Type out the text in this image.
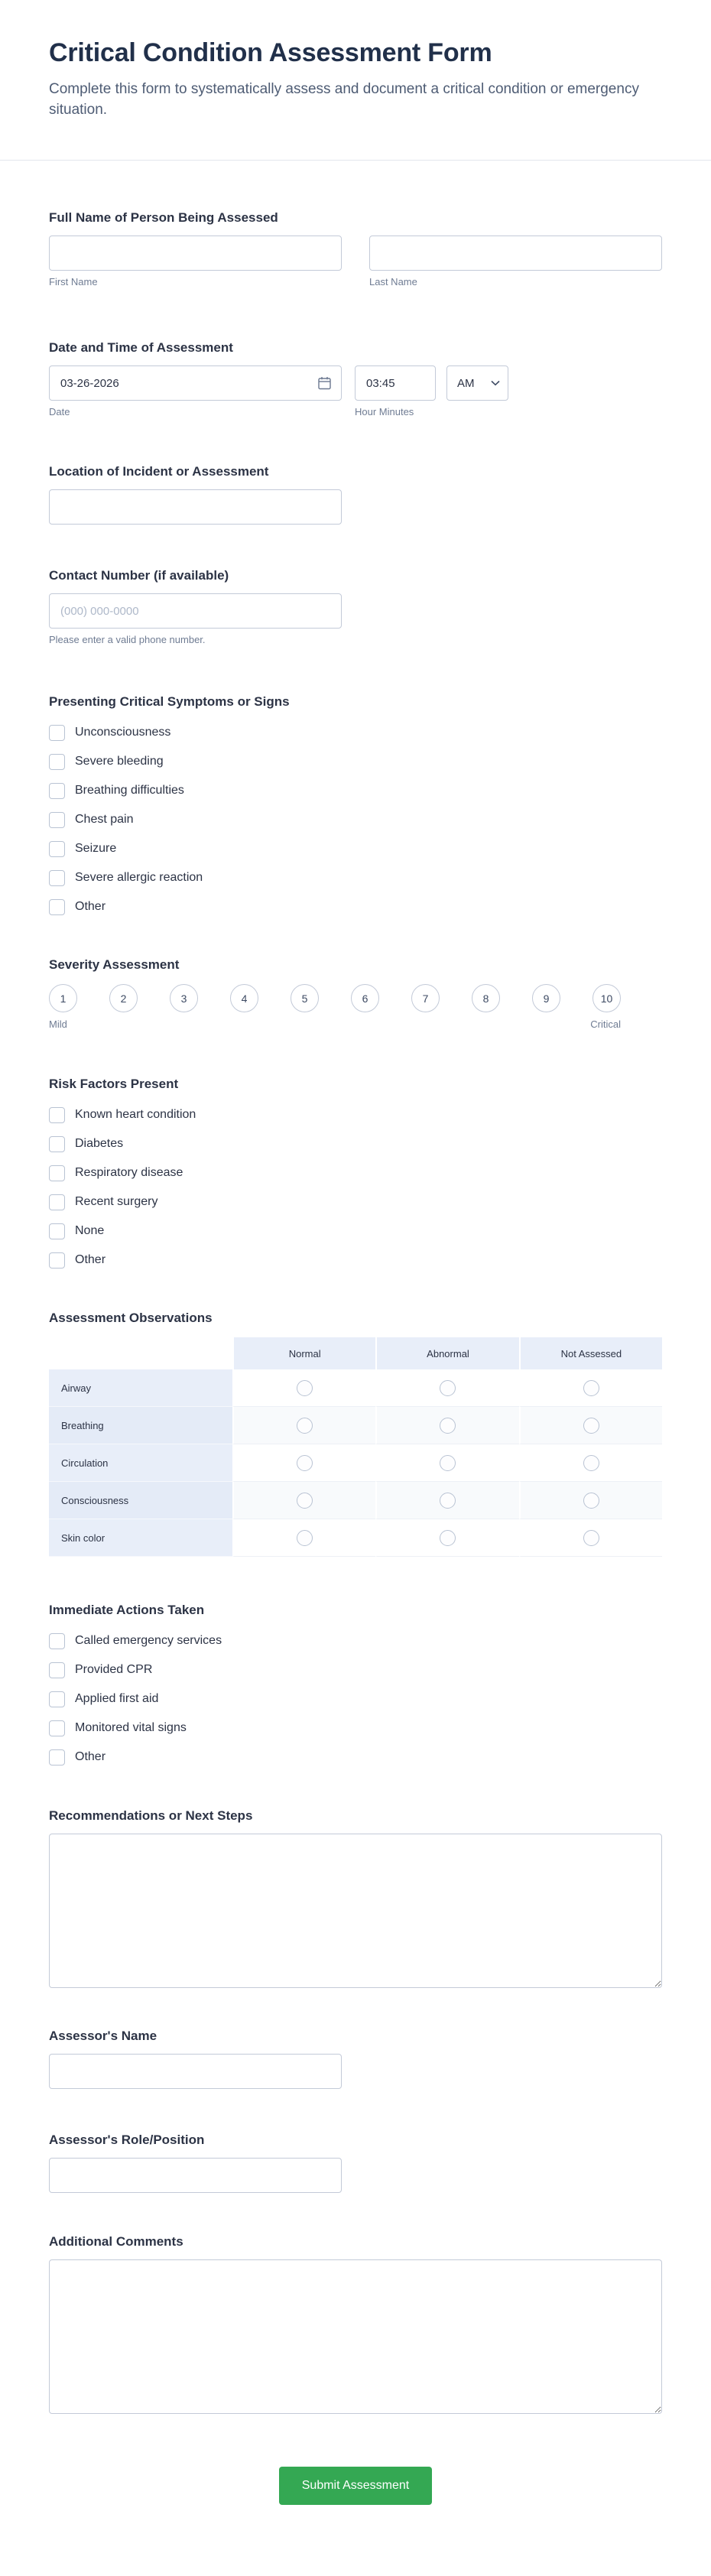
Critical Condition Assessment Form
Complete this form to systematically assess and document a critical condition or emergency situation.
Full Name of Person Being Assessed
First Name	Last Name
Date and Time of Assessment
03-26-2026
Date
03:45
AM
Hour Minutes
Location of Incident or Assessment
Contact Number (if available)
(000) 000-0000
Please enter a valid phone number.
Presenting Critical Symptoms or Signs
Unconsciousness
Severe bleeding
Breathing difficulties
Chest pain
Seizure
Severe allergic reaction
Other
Severity Assessment
1	2	3	4	5	6	7	8	9	10
Mild	Critical
Risk Factors Present
Known heart condition
Diabetes
Respiratory disease
Recent surgery
None
Other
Assessment Observations
	Normal	Abnormal	Not Assessed
Airway			
Breathing			
Circulation			
Consciousness			
Skin color			
Immediate Actions Taken
Called emergency services
Provided CPR
Applied first aid
Monitored vital signs
Other
Recommendations or Next Steps
Assessor's Name
Assessor's Role/Position
Additional Comments
Submit Assessment
